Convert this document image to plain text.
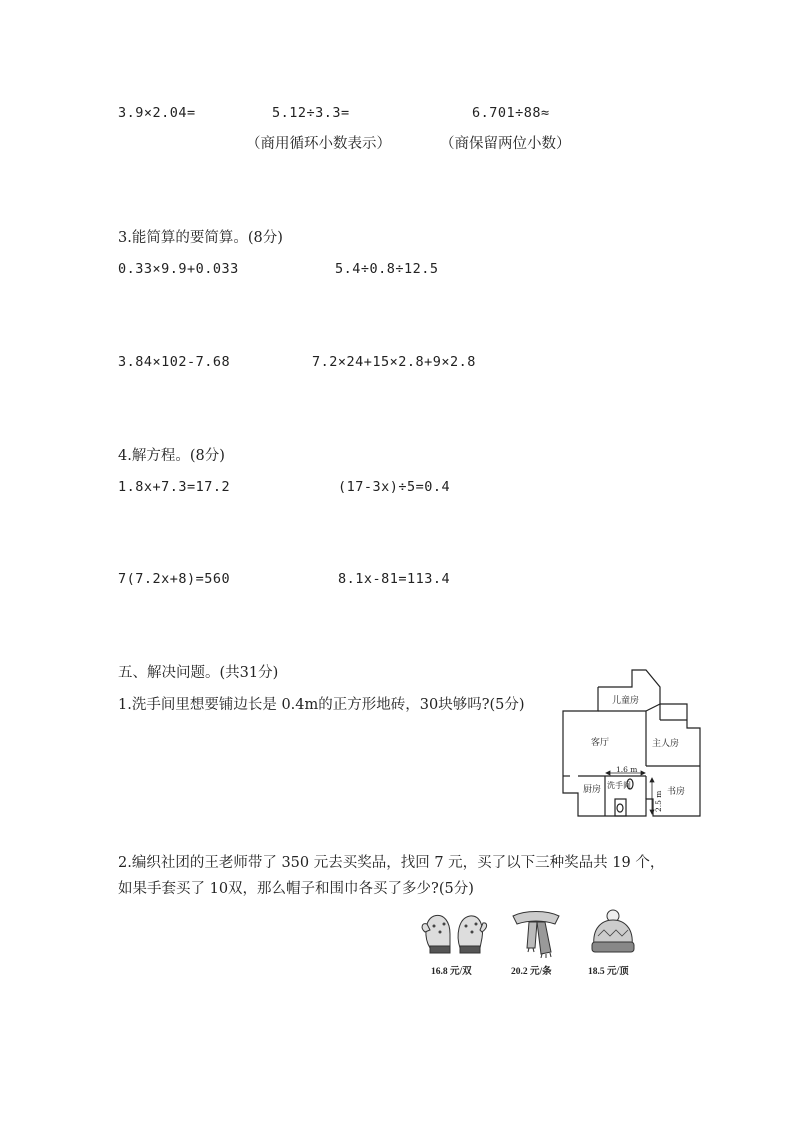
3.9×2.04=	5.12÷3.3=	6.701÷88≈
（商用循环小数表示）	（商保留两位小数）
3.能简算的要简算。(8分)
0.33×9.9+0.033	5.4÷0.8÷12.5
3.84×102-7.68	7.2×24+15×2.8+9×2.8
4.解方程。(8分)
1.8x+7.3=17.2	(17-3x)÷5=0.4
7(7.2x+8)=560	8.1x-81=113.4
五、解决问题。(共31分)
1.洗手间里想要铺边长是 0.4m的正方形地砖，30块够吗?(5分)	儿童房
客厅	主人房
洗手间
厨房	书房
1.6 m
2.5 m
2.编织社团的王老师带了 350 元去买奖品，找回 7 元，买了以下三种奖品共 19 个，如果手套买了 10双，那么帽子和围巾各买了多少?(5分)
16.8 元/双	20.2 元/条	18.5 元/顶
